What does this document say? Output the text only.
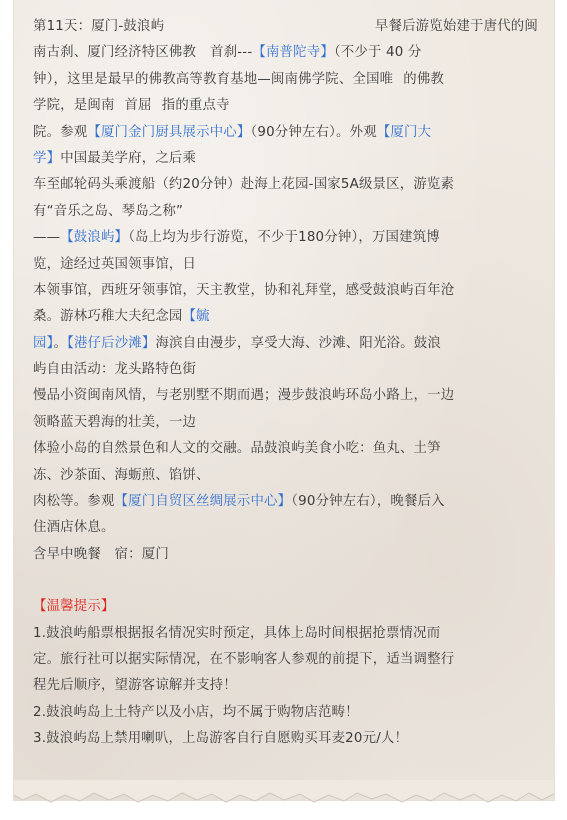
第11天：厦门-鼓浪屿	早餐后游览始建于唐代的闽
南古刹、厦门经济特区佛教 首刹---【南普陀寺】（不少于 40 分
钟），这里是最早的佛教高等教育基地—闽南佛学院、全国唯 的佛教
学院，是闽南 首屈 指的重点寺
院。参观【厦门金门厨具展示中心】（90分钟左右）。外观【厦门大
学】中国最美学府，之后乘
车至邮轮码头乘渡船（约20分钟）赴海上花园-国家5A级景区，游览素
有“音乐之岛、琴岛之称”
——【鼓浪屿】（岛上均为步行游览，不少于180分钟），万国建筑博
览，途经过英国领事馆，日
本领事馆，西班牙领事馆，天主教堂，协和礼拜堂，感受鼓浪屿百年沧
桑。游林巧稚大夫纪念园【毓
园】。【港仔后沙滩】海滨自由漫步，享受大海、沙滩、阳光浴。鼓浪
屿自由活动：龙头路特色街
慢品小资闽南风情，与老别墅不期而遇；漫步鼓浪屿环岛小路上，一边
领略蓝天碧海的壮美，一边
体验小岛的自然景色和人文的交融。品鼓浪屿美食小吃：鱼丸、土笋
冻、沙茶面、海蛎煎、馅饼、
肉松等。参观【厦门自贸区丝绸展示中心】（90分钟左右），晚餐后入
住酒店休息。
含早中晚餐　宿：厦门
【温馨提示】
1.鼓浪屿船票根据报名情况实时预定，具体上岛时间根据抢票情况而
定。旅行社可以据实际情况，在不影响客人参观的前提下，适当调整行
程先后顺序，望游客谅解并支持！
2.鼓浪屿岛上土特产以及小店，均不属于购物店范畴！
3.鼓浪屿岛上禁用喇叭，上岛游客自行自愿购买耳麦20元/人！
